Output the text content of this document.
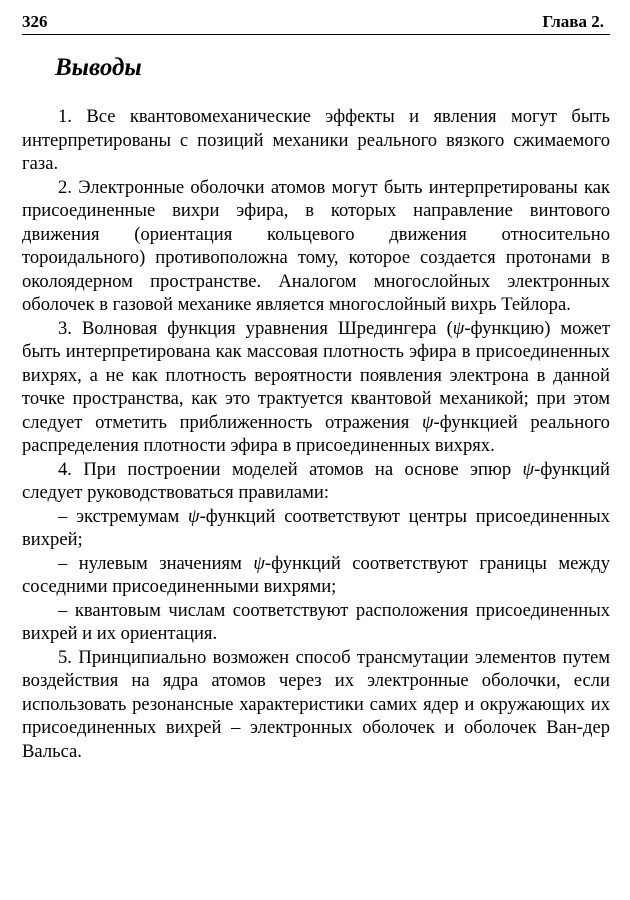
326	Глава 2.
Выводы

1. Все квантовомеханические эффекты и явления могут быть интерпретированы с позиций механики реального вязкого сжимаемого газа.

2. Электронные оболочки атомов могут быть интерпретированы как присоединенные вихри эфира, в которых направление винтового движения (ориентация кольцевого движения относительно тороидального) противоположна тому, которое создается протонами в околоядерном пространстве. Аналогом многослойных электронных оболочек в газовой механике является многослойный вихрь Тейлора.

3. Волновая функция уравнения Шредингера (ψ-функцию) может быть интерпретирована как массовая плотность эфира в присоединенных вихрях, а не как плотность вероятности появления электрона в данной точке пространства, как это трактуется квантовой механикой; при этом следует отметить приближенность отражения ψ-функцией реального распределения плотности эфира в присоединенных вихрях.

4. При построении моделей атомов на основе эпюр ψ-функций следует руководствоваться правилами:

– экстремумам ψ-функций соответствуют центры присоединенных вихрей;

– нулевым значениям ψ-функций соответствуют границы между соседними присоединенными вихрями;

– квантовым числам соответствуют расположения присоединенных вихрей и их ориентация.

5. Принципиально возможен способ трансмутации элементов путем воздействия на ядра атомов через их электронные оболочки, если использовать резонансные характеристики самих ядер и окружающих их присоединенных вихрей – электронных оболочек и оболочек Ван-дер Вальса.
